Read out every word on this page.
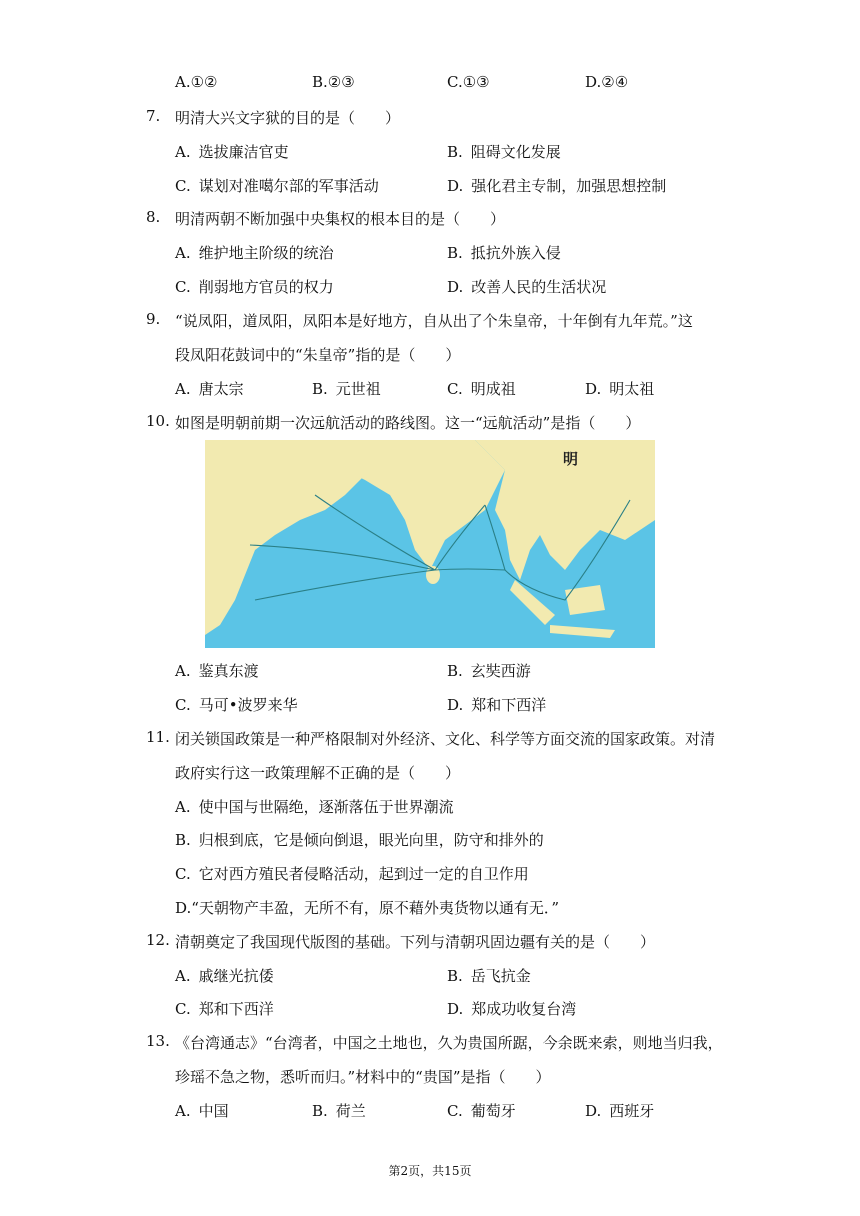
A.①②	B.②③	C.①③	D.②④
7. 明清大兴文字狱的目的是（　　）
A. 选拔廉洁官吏	B. 阻碍文化发展
C. 谋划对准噶尔部的军事活动	D. 强化君主专制，加强思想控制
8. 明清两朝不断加强中央集权的根本目的是（　　）
A. 维护地主阶级的统治	B. 抵抗外族入侵
C. 削弱地方官员的权力	D. 改善人民的生活状况
9. “说凤阳，道凤阳，凤阳本是好地方，自从出了个朱皇帝，十年倒有九年荒。”这
段凤阳花鼓词中的“朱皇帝”指的是（　　）
A. 唐太宗	B. 元世祖	C. 明成祖	D. 明太祖
10. 如图是明朝前期一次远航活动的路线图。这一“远航活动”是指（　　）
明
A. 鉴真东渡	B. 玄奘西游
C. 马可•波罗来华	D. 郑和下西洋
11. 闭关锁国政策是一种严格限制对外经济、文化、科学等方面交流的国家政策。对清
政府实行这一政策理解不正确的是（　　）
A. 使中国与世隔绝，逐渐落伍于世界潮流
B. 归根到底，它是倾向倒退，眼光向里，防守和排外的
C. 它对西方殖民者侵略活动，起到过一定的自卫作用
D.“天朝物产丰盈，无所不有，原不藉外夷货物以通有无．”
12. 清朝奠定了我国现代版图的基础。下列与清朝巩固边疆有关的是（　　）
A. 戚继光抗倭	B. 岳飞抗金
C. 郑和下西洋	D. 郑成功收复台湾
13. 《台湾通志》“台湾者，中国之土地也，久为贵国所踞，今余既来索，则地当归我，
珍瑶不急之物，悉听而归。”材料中的“贵国”是指（　　）
A. 中国	B. 荷兰	C. 葡萄牙	D. 西班牙
第2页，共15页
